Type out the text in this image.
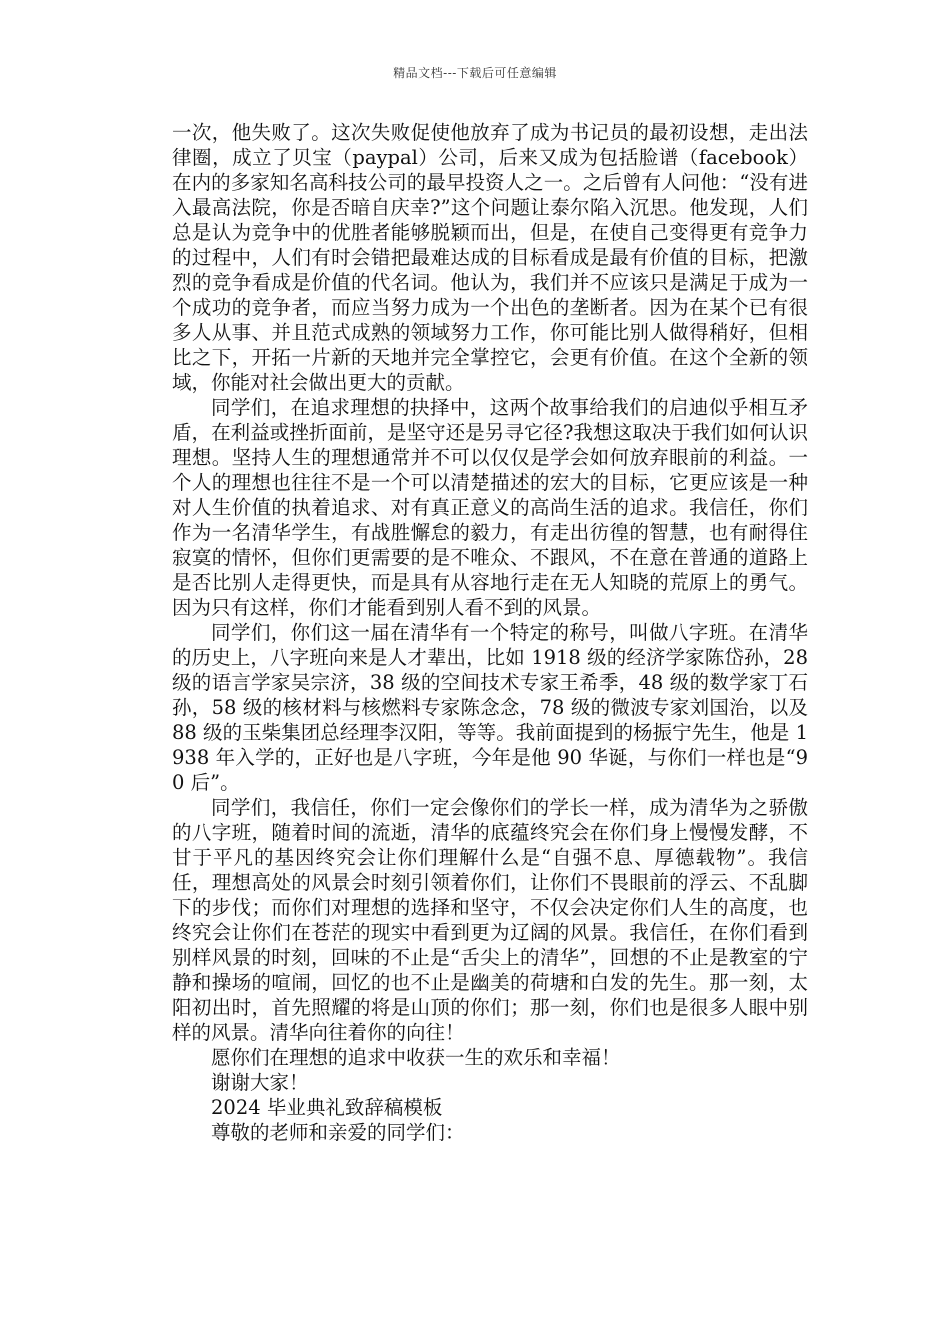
精品文档---下载后可任意编辑

一次，他失败了。这次失败促使他放弃了成为书记员的最初设想，走出法律圈，成立了贝宝（paypal）公司，后来又成为包括脸谱（facebook）在内的多家知名高科技公司的最早投资人之一。之后曾有人问他：“没有进入最高法院，你是否暗自庆幸?”这个问题让泰尔陷入沉思。他发现，人们总是认为竞争中的优胜者能够脱颖而出，但是，在使自己变得更有竞争力的过程中，人们有时会错把最难达成的目标看成是最有价值的目标，把激烈的竞争看成是价值的代名词。他认为，我们并不应该只是满足于成为一个成功的竞争者，而应当努力成为一个出色的垄断者。因为在某个已有很多人从事、并且范式成熟的领域努力工作，你可能比别人做得稍好，但相比之下，开拓一片新的天地并完全掌控它，会更有价值。在这个全新的领域，你能对社会做出更大的贡献。

同学们，在追求理想的抉择中，这两个故事给我们的启迪似乎相互矛盾，在利益或挫折面前，是坚守还是另寻它径?我想这取决于我们如何认识理想。坚持人生的理想通常并不可以仅仅是学会如何放弃眼前的利益。一个人的理想也往往不是一个可以清楚描述的宏大的目标，它更应该是一种对人生价值的执着追求、对有真正意义的高尚生活的追求。我信任，你们作为一名清华学生，有战胜懈怠的毅力，有走出彷徨的智慧，也有耐得住寂寞的情怀，但你们更需要的是不唯众、不跟风，不在意在普通的道路上是否比别人走得更快，而是具有从容地行走在无人知晓的荒原上的勇气。因为只有这样，你们才能看到别人看不到的风景。

同学们，你们这一届在清华有一个特定的称号，叫做八字班。在清华的历史上，八字班向来是人才辈出，比如 1918 级的经济学家陈岱孙，28 级的语言学家吴宗济，38 级的空间技术专家王希季，48 级的数学家丁石孙，58 级的核材料与核燃料专家陈念念，78 级的微波专家刘国治，以及 88 级的玉柴集团总经理李汉阳，等等。我前面提到的杨振宁先生，他是 1938 年入学的，正好也是八字班，今年是他 90 华诞，与你们一样也是“90 后”。

同学们，我信任，你们一定会像你们的学长一样，成为清华为之骄傲的八字班，随着时间的流逝，清华的底蕴终究会在你们身上慢慢发酵，不甘于平凡的基因终究会让你们理解什么是“自强不息、厚德载物”。我信任，理想高处的风景会时刻引领着你们，让你们不畏眼前的浮云、不乱脚下的步伐；而你们对理想的选择和坚守，不仅会决定你们人生的高度，也终究会让你们在苍茫的现实中看到更为辽阔的风景。我信任，在你们看到别样风景的时刻，回味的不止是“舌尖上的清华”，回想的不止是教室的宁静和操场的喧闹，回忆的也不止是幽美的荷塘和白发的先生。那一刻，太阳初出时，首先照耀的将是山顶的你们；那一刻，你们也是很多人眼中别样的风景。清华向往着你的向往！

愿你们在理想的追求中收获一生的欢乐和幸福！

谢谢大家！

2024 毕业典礼致辞稿模板

尊敬的老师和亲爱的同学们：
